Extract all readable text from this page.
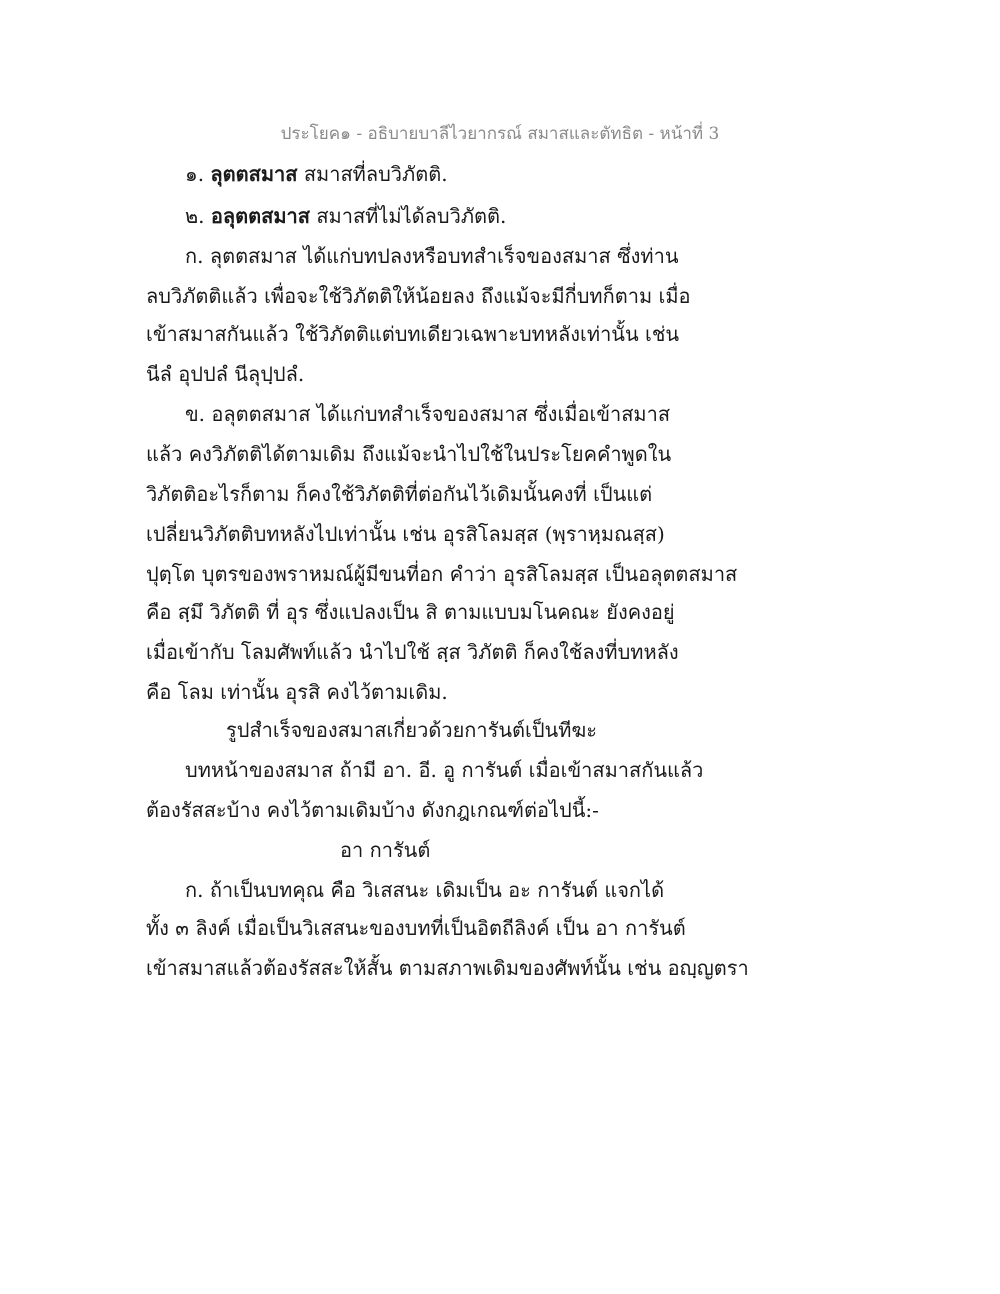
ประโยค๑ - อธิบายบาลีไวยากรณ์ สมาสและตัทธิต - หน้าที่ 3
๑. ลุตตสมาส สมาสที่ลบวิภัตติ.
๒. อลุตตสมาส สมาสที่ไม่ได้ลบวิภัตติ.
ก. ลุตตสมาส ได้แก่บทปลงหรือบทสำเร็จของสมาส ซึ่งท่าน
ลบวิภัตติแล้ว เพื่อจะใช้วิภัตติให้น้อยลง ถึงแม้จะมีกี่บทก็ตาม เมื่อ
เข้าสมาสกันแล้ว ใช้วิภัตติแต่บทเดียวเฉพาะบทหลังเท่านั้น เช่น
นีลํ อุปปลํ นีลุปฺปลํ.
ข. อลุตตสมาส ได้แก่บทสำเร็จของสมาส ซึ่งเมื่อเข้าสมาส
แล้ว คงวิภัตติได้ตามเดิม ถึงแม้จะนำไปใช้ในประโยคคำพูดใน
วิภัตติอะไรก็ตาม ก็คงใช้วิภัตติที่ต่อกันไว้เดิมนั้นคงที่ เป็นแต่
เปลี่ยนวิภัตติบทหลังไปเท่านั้น เช่น อุรสิโลมสฺส (พฺราหฺมณสฺส)
ปุตฺโต บุตรของพราหมณ์ผู้มีขนที่อก คำว่า อุรสิโลมสฺส เป็นอลุตตสมาส
คือ สฺมึ วิภัตติ ที่ อุร ซึ่งแปลงเป็น สิ ตามแบบมโนคณะ ยังคงอยู่
เมื่อเข้ากับ โลมศัพท์แล้ว นำไปใช้ สฺส วิภัตติ ก็คงใช้ลงที่บทหลัง
คือ โลม เท่านั้น อุรสิ คงไว้ตามเดิม.
รูปสำเร็จของสมาสเกี่ยวด้วยการันต์เป็นทีฆะ
บทหน้าของสมาส ถ้ามี อา. อี. อู การันต์ เมื่อเข้าสมาสกันแล้ว
ต้องรัสสะบ้าง คงไว้ตามเดิมบ้าง ดังกฎเกณฑ์ต่อไปนี้:-
อา การันต์
ก. ถ้าเป็นบทคุณ คือ วิเสสนะ เดิมเป็น อะ การันต์ แจกได้
ทั้ง ๓ ลิงค์ เมื่อเป็นวิเสสนะของบทที่เป็นอิตถีลิงค์ เป็น อา การันต์
เข้าสมาสแล้วต้องรัสสะให้สั้น ตามสภาพเดิมของศัพท์นั้น เช่น อญฺญตรา
